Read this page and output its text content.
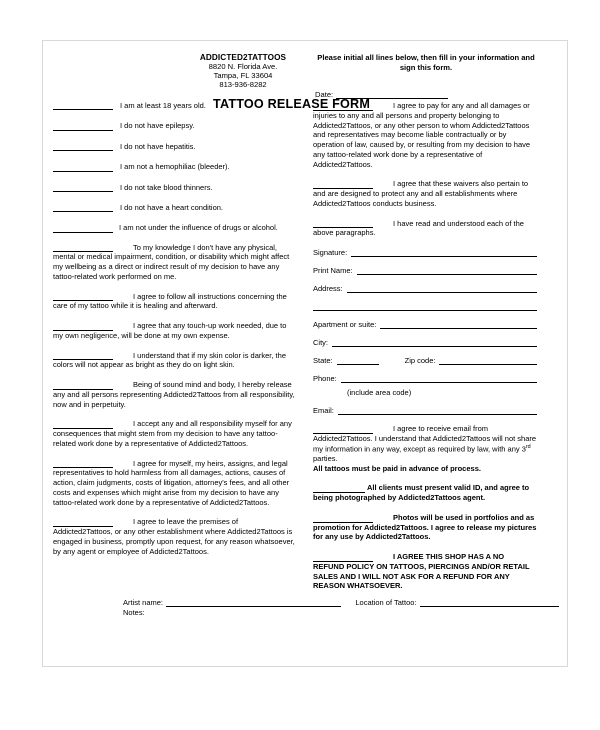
ADDICTED2TATTOOS
8820 N. Florida Ave.
Tampa, FL 33604
813-936-8282
Please initial all lines below, then fill in your information and sign this form.
Date:
TATTOO RELEASE FORM
I am at least 18 years old.
I do not have epilepsy.
I do not have hepatitis.
I am not a hemophiliac (bleeder).
I do not take blood thinners.
I do not have a heart condition.
I am not under the influence of drugs or alcohol.
To my knowledge I don't have any physical, mental or medical impairment, condition, or disability which might affect my wellbeing as a direct or indirect result of my decision to have any tattoo-related work performed on me.
I agree to follow all instructions concerning the care of my tattoo while it is healing and afterward.
I agree that any touch-up work needed, due to my own negligence, will be done at my own expense.
I understand that if my skin color is darker, the colors will not appear as bright as they do on light skin.
Being of sound mind and body, I hereby release any and all persons representing Addicted2Tattoos from all responsibility, now and in perpetuity.
I accept any and all responsibility myself for any consequences that might stem from my decision to have any tattoo-related work done by a representative of Addicted2Tattoos.
I agree for myself, my heirs, assigns, and legal representatives to hold harmless from all damages, actions, causes of action, claim judgments, costs of litigation, attorney's fees, and all other costs and expenses which might arise from my decision to have any tattoo-related work done by a representative of Addicted2Tattoos.
I agree to leave the premises of Addicted2Tattoos, or any other establishment where Addicted2Tattoos is engaged in business, promptly upon request, for any reason whatsoever, by any agent or employee of Addicted2Tattoos.
I agree to pay for any and all damages or injuries to any and all persons and property belonging to Addicted2Tattoos, or any other person to whom Addicted2Tattoos and representatives may become liable contractually or by operation of law, caused by, or resulting from my decision to have any tattoo-related work done by a representative of Addicted2Tattoos.
I agree that these waivers also pertain to and are designed to protect any and all establishments where Addicted2Tattoos conducts business.
I have read and understood each of the above paragraphs.
Signature:
Print Name:
Address:
Apartment or suite:
City:
State:	Zip code:
Phone:
(include area code)
Email:
I agree to receive email from Addicted2Tattoos. I understand that Addicted2Tattoos will not share my information in any way, except as required by law, with any 3rd parties.
All tattoos must be paid in advance of process.
All clients must present valid ID, and agree to being photographed by Addicted2Tattoos agent.
Photos will be used in portfolios and as promotion for Addicted2Tattoos. I agree to release my pictures for any use by Addicted2Tattoos.
I AGREE THIS SHOP HAS A NO REFUND POLICY ON TATTOOS, PIERCINGS AND/OR RETAIL SALES AND I WILL NOT ASK FOR A REFUND FOR ANY REASON WHATSOEVER.
Artist name:	Location of Tattoo:
Notes:
